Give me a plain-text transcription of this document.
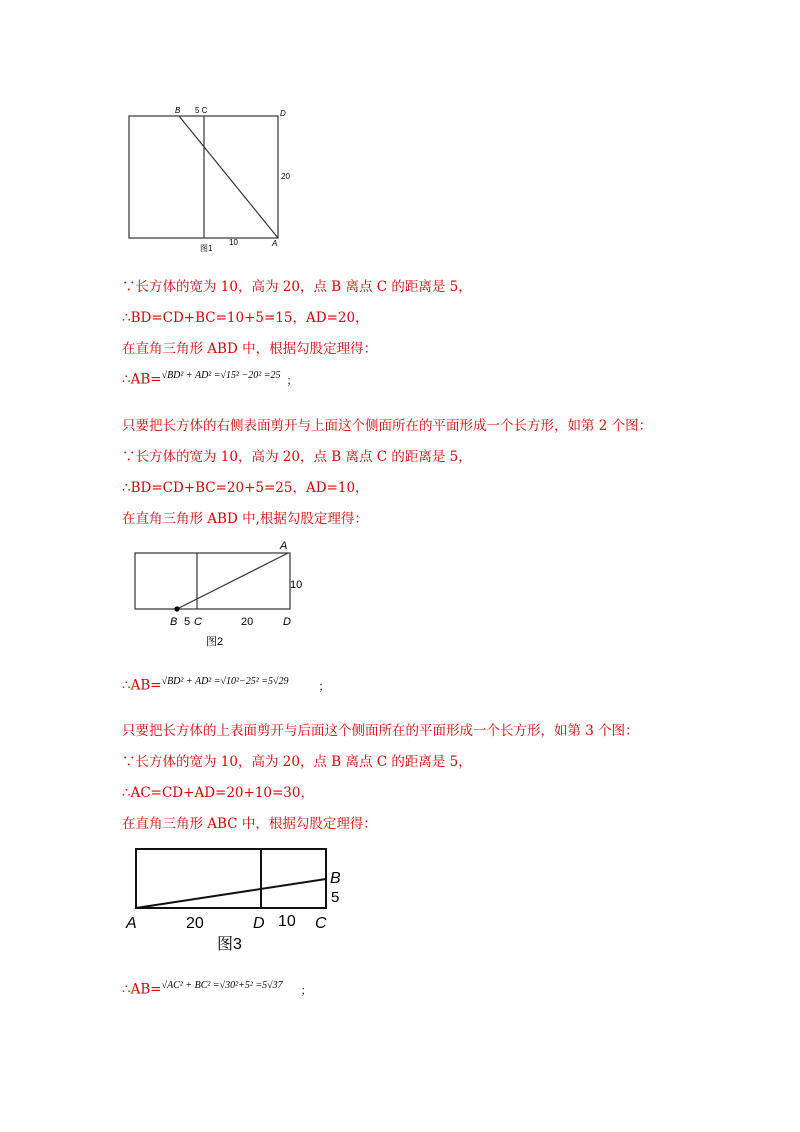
B 5 C	D
20
图1
10	A
∵长方体的宽为 10，高为 20，点 B 离点 C 的距离是 5，
∴BD=CD+BC=10+5=15，AD=20，
在直角三角形 ABD 中，根据勾股定理得：
∴AB=$^{√BD^2 + AD^2 =√15^2 -20^2 =25}$ ；
只要把长方体的右侧表面剪开与上面这个侧面所在的平面形成一个长方形，如第 2 个图：
∵长方体的宽为 10，高为 20，点 B 离点 C 的距离是 5，
∴BD=CD+BC=20+5=25，AD=10，
在直角三角形 ABD 中,根据勾股定理得：
A
10
B 5 C	20	D
图2
∴AB=$^{√BD^2 + AD^2 =√10^2-25^2 =5√29}$	；
只要把长方体的上表面剪开与后面这个侧面所在的平面形成一个长方形，如第 3 个图：
∵长方体的宽为 10，高为 20，点 B 离点 C 的距离是 5，
∴AC=CD+AD=20+10=30，
在直角三角形 ABC 中，根据勾股定理得：
B
5
A	20	D 10 C
图3
∴AB=$^{√AC^2 + BC^2 =√30^2+5^2 =5√37}$ ；
